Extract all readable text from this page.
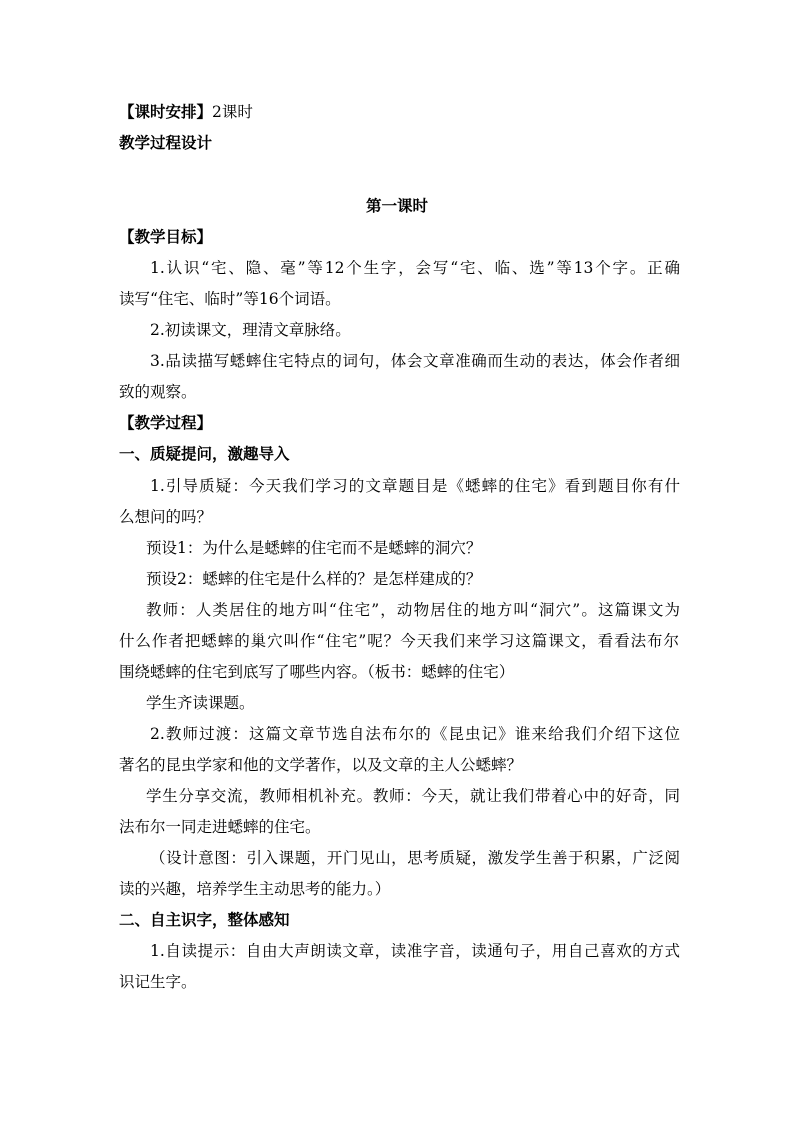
【课时安排】2课时
教学过程设计
第一课时
【教学目标】
1.认识“宅、隐、毫”等12个生字，会写“宅、临、选”等13个字。正确
读写“住宅、临时”等16个词语。
2.初读课文，理清文章脉络。
3.品读描写蟋蟀住宅特点的词句，体会文章准确而生动的表达，体会作者细
致的观察。
【教学过程】
一、质疑提问，激趣导入
1.引导质疑：今天我们学习的文章题目是《蟋蟀的住宅》看到题目你有什
么想问的吗？
预设1：为什么是蟋蟀的住宅而不是蟋蟀的洞穴？
预设2：蟋蟀的住宅是什么样的？是怎样建成的？
教师：人类居住的地方叫“住宅”，动物居住的地方叫“洞穴”。这篇课文为
什么作者把蟋蟀的巢穴叫作“住宅”呢？今天我们来学习这篇课文，看看法布尔
围绕蟋蟀的住宅到底写了哪些内容。（板书：蟋蟀的住宅）
学生齐读课题。
2.教师过渡：这篇文章节选自法布尔的《昆虫记》谁来给我们介绍下这位
著名的昆虫学家和他的文学著作，以及文章的主人公蟋蟀？
学生分享交流，教师相机补充。教师：今天，就让我们带着心中的好奇，同
法布尔一同走进蟋蟀的住宅。
（设计意图：引入课题，开门见山，思考质疑，激发学生善于积累，广泛阅
读的兴趣，培养学生主动思考的能力。）
二、自主识字，整体感知
1.自读提示：自由大声朗读文章，读准字音，读通句子，用自己喜欢的方式
识记生字。
